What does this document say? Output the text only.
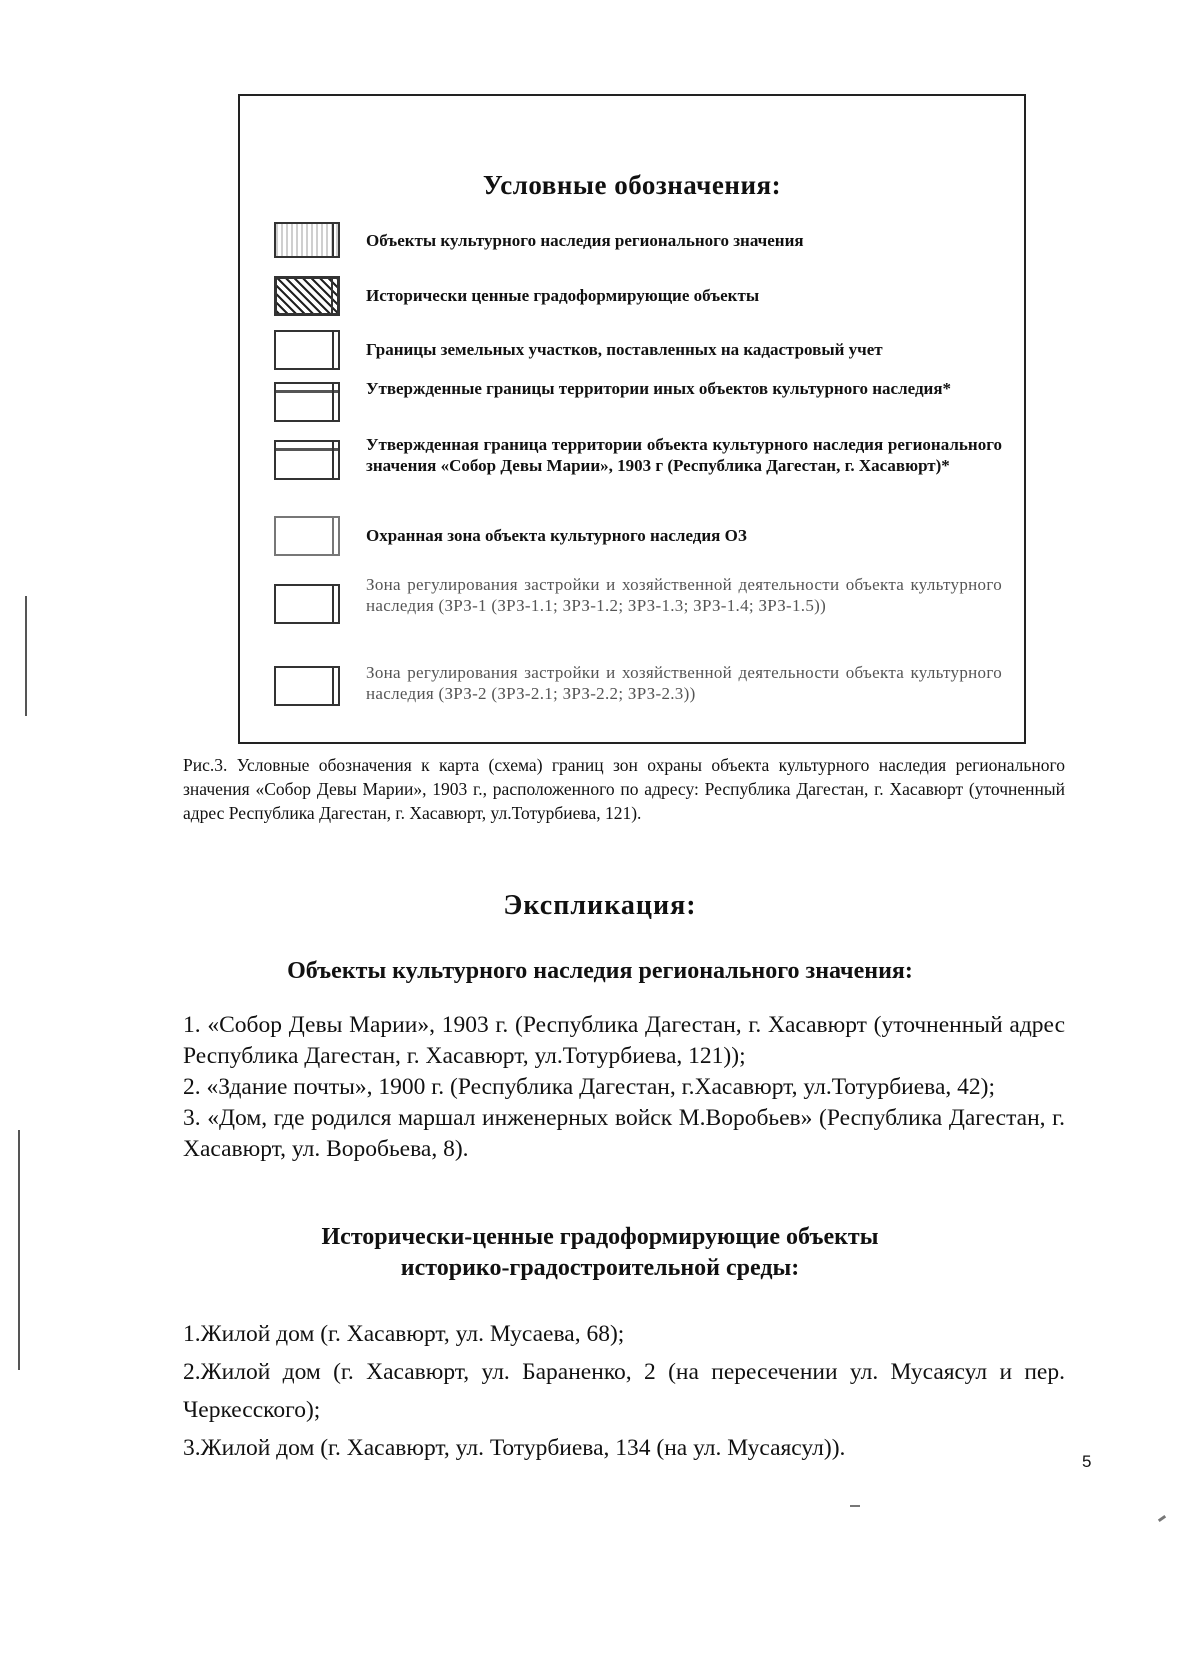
Условные обозначения:
Объекты культурного наследия регионального значения
Исторически ценные градоформирующие объекты
Границы земельных участков, поставленных на кадастровый учет
Утвержденные границы территории иных объектов культурного наследия*
Утвержденная граница территории объекта культурного наследия регионального значения «Собор Девы Марии», 1903 г (Республика Дагестан, г. Хасавюрт)*
Охранная зона объекта культурного наследия ОЗ
Зона регулирования застройки и хозяйственной деятельности объекта культурного наследия (ЗРЗ-1 (ЗРЗ-1.1; ЗРЗ-1.2; ЗРЗ-1.3; ЗРЗ-1.4; ЗРЗ-1.5))
Зона регулирования застройки и хозяйственной деятельности объекта культурного наследия (ЗРЗ-2 (ЗРЗ-2.1; ЗРЗ-2.2; ЗРЗ-2.3))
Рис.3. Условные обозначения к карта (схема) границ зон охраны объекта культурного наследия регионального значения «Собор Девы Марии», 1903 г., расположенного по адресу: Республика Дагестан, г. Хасавюрт (уточненный адрес Республика Дагестан, г. Хасавюрт, ул.Тотурбиева, 121).
Экспликация:
Объекты культурного наследия регионального значения:

1. «Собор Девы Марии», 1903 г. (Республика Дагестан, г. Хасавюрт (уточненный адрес Республика Дагестан, г. Хасавюрт, ул.Тотурбиева, 121));

2. «Здание почты», 1900 г. (Республика Дагестан, г.Хасавюрт, ул.Тотурбиева, 42);

3. «Дом, где родился маршал инженерных войск М.Воробьев» (Республика Дагестан, г. Хасавюрт, ул. Воробьева, 8).

Исторически-ценные градоформирующие объекты
историко-градостроительной среды:

1.Жилой дом (г. Хасавюрт, ул. Мусаева, 68);

2.Жилой дом (г. Хасавюрт, ул. Бараненко, 2 (на пересечении ул. Мусаясул и пер. Черкесского);

3.Жилой дом (г. Хасавюрт, ул. Тотурбиева, 134 (на ул. Мусаясул)).

5
